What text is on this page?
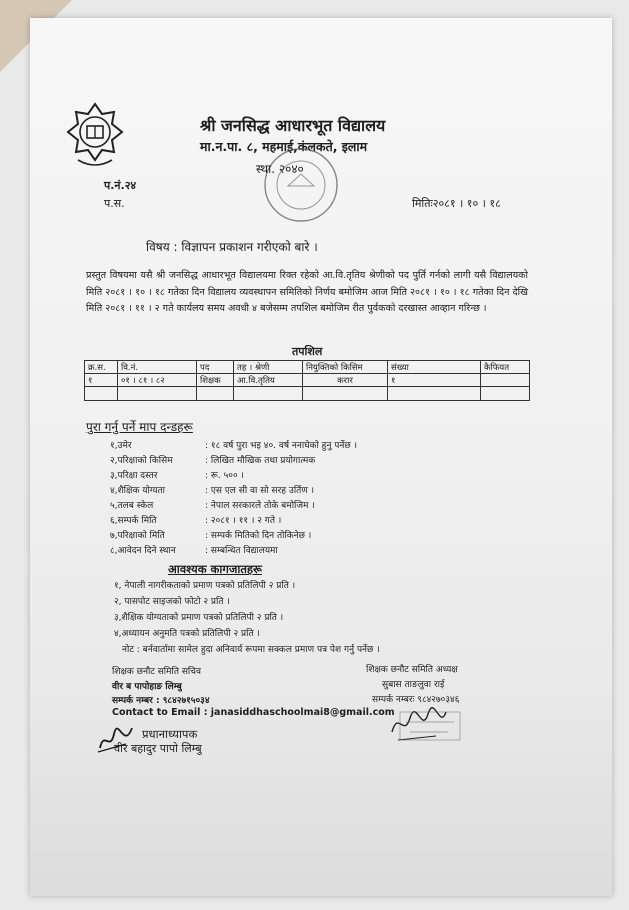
श्री जनसिद्ध आधारभूत विद्यालय
मा.न.पा. ८, महमाई,कंलकते, इलाम
स्था. २०४०
प.नं.२४
प.स.	मितिः२०८१ । १० । १८
विषय : विज्ञापन प्रकाशन गरीएको बारे ।
प्रस्तुत विषयमा यसै श्री जनसिद्ध आधारभूत विद्यालयमा रिक्त रहेको आ.वि.तृतिय श्रेणीको पद पुर्ति गर्नको लागी यसै विद्यालयको मिति २०८१ । १० । १८ गतेका दिन विद्यालय व्यवस्थापन समितिको निर्णय बमोजिम आज मिति २०८१ । १० । १८ गतेका दिन देखि मिति २०८१ । ११ । २ गते कार्यलय समय अवधी ४ बजेसम्म तपशिल बमोजिम रीत पुर्वकको दरखास्त आव्हान गरिन्छ ।
तपशिल
क्र.स.	वि.नं.	पद	तह । श्रेणी	नियुक्तिको किसिम	संख्या	कैफियत
१	०१ । ८१ । ८२	शिक्षक	आ.वि.तृतिय	करार	१	

पुरा गर्नु पर्ने माप दन्डहरू
१,उमेर	: १८ वर्ष पुरा भइ ४०. वर्ष ननाघेको हुनु पर्नेछ ।
२,परिक्षाको किसिम	: लिखित मौखिक तथा प्रयोगात्मक
३,परिक्षा दस्तर	: रू. ५०० ।
४,शैक्षिक योग्यता	: एस एल सी वा सो सरह उर्तिण ।
५,तलब स्केल	: नेपाल सरकारले तोके बमोजिम ।
६,सम्पर्क मिति	: २०८१ । ११ । २ गते ।
७,परिक्षाको मिति	: सम्पर्क मितिको दिन तोकिनेछ ।
८,आवेदन दिने स्थान	: सम्बन्धित विद्यालयमा
आवश्यक कागजातहरू
१, नेपाली नागरीकताको प्रमाण पत्रको प्रतिलिपी २ प्रति ।
२, पासपोट साइजको फोटो २ प्रति ।
३,शैक्षिक योग्यताको प्रमाण पत्रको प्रतिलिपी २ प्रति ।
४,अध्यायन अनुमति पत्रको प्रतिलिपी २ प्रति ।
नोट : बर्नवार्तामा सामेल हुदा अनिवार्य रूपमा सक्कल प्रमाण पत्र पेश गर्नु पर्नेछ ।
शिक्षक छनौट समिति सचिव
वीर ब पापोहाङ लिम्बु
सम्पर्क नम्बर : ९८४२७१५०३४
Contact to Email : janasiddhaschoolmai8@gmail.com
शिक्षक छनौट समिति अध्यक्ष
सुबास ताङलुवा राई
सम्पर्क नम्बरः ९८४२७०३४६
प्रधानाध्यापक
वीर बहादुर पापो लिम्बु
